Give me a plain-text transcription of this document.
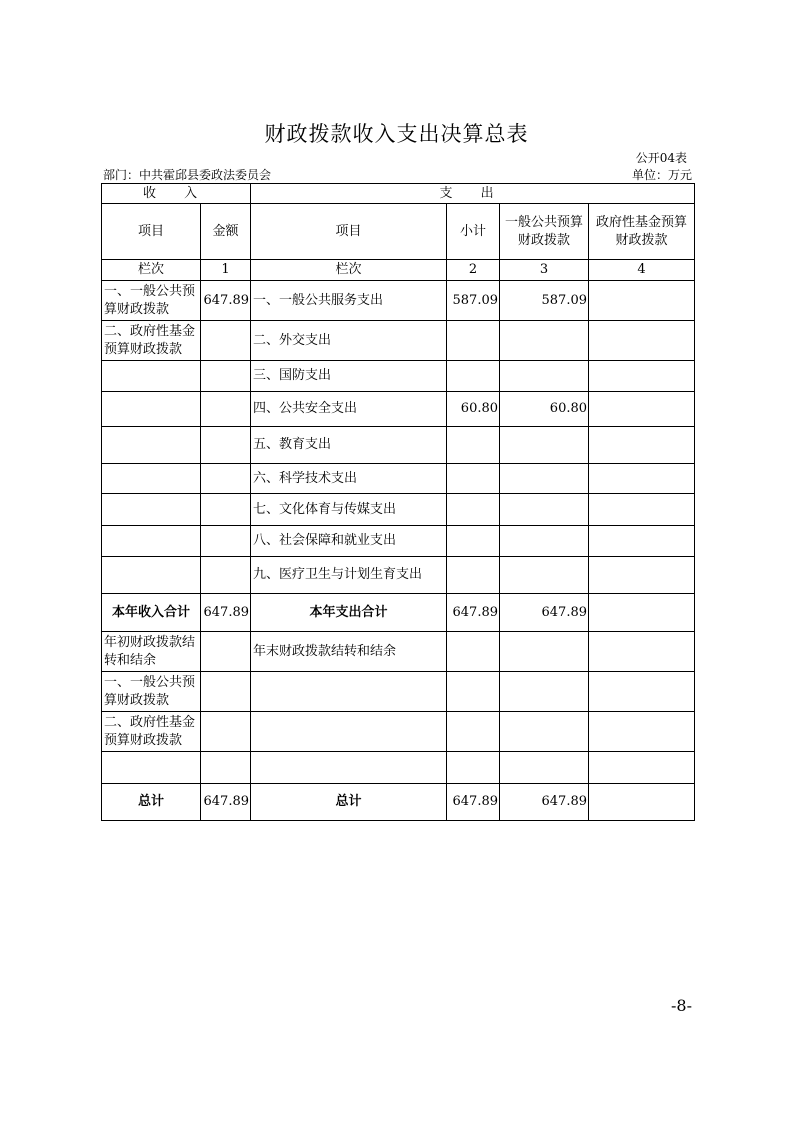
财政拨款收入支出决算总表
公开04表
部门：中共霍邱县委政法委员会	单位：万元
收 入		支 出			
项目	金额	项目	小计	一般公共预算财政拨款	政府性基金预算财政拨款
栏次	1	栏次	2	3	4
一、一般公共预算财政拨款	647.89	一、一般公共服务支出	587.09	587.09	
二、政府性基金预算财政拨款		二、外交支出			
		三、国防支出			
		四、公共安全支出	60.80	60.80	
		五、教育支出			
		六、科学技术支出			
		七、文化体育与传媒支出			
		八、社会保障和就业支出			
		九、医疗卫生与计划生育支出			
本年收入合计	647.89	本年支出合计	647.89	647.89	
年初财政拨款结转和结余		年末财政拨款结转和结余			
一、一般公共预算财政拨款					
二、政府性基金预算财政拨款					

总计	647.89	总计	647.89	647.89	
-8-
